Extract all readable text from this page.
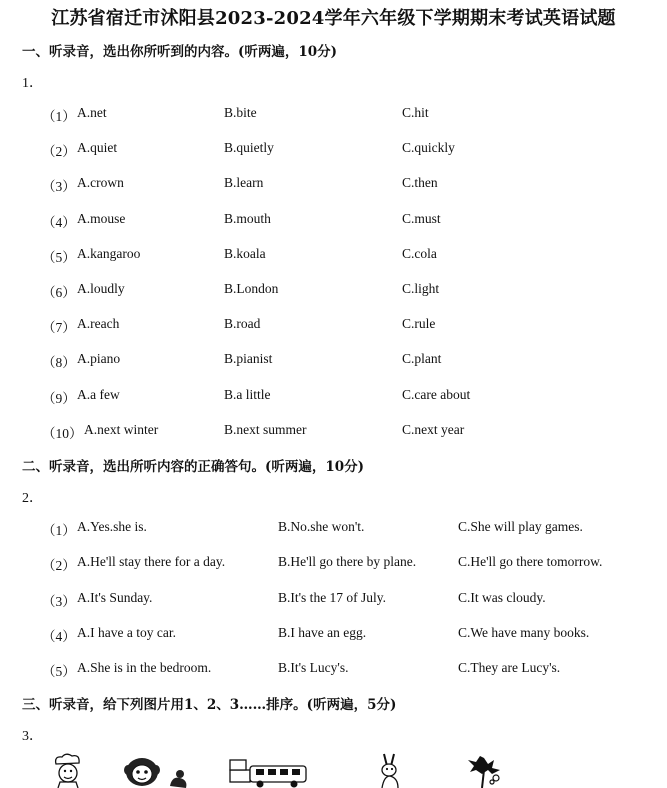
江苏省宿迁市沭阳县2023-2024学年六年级下学期期末考试英语试题
一、听录音，选出你所听到的内容。(听两遍，10分)
1．
（1） A.net	B.bite	C.hit
（2） A.quiet	B.quietly	C.quickly
（3） A.crown	B.learn	C.then
（4） A.mouse	B.mouth	C.must
（5） A.kangaroo	B.koala	C.cola
（6） A.loudly	B.London	C.light
（7） A.reach	B.road	C.rule
（8） A.piano	B.pianist	C.plant
（9） A.a few	B.a little	C.care about
（10） A.next winter	B.next summer	C.next year
二、听录音，选出所听内容的正确答句。(听两遍，10分)
2．
（1） A.Yes.she is.	B.No.she won't.	C.She will play games.
（2） A.He'll stay there for a day.	B.He'll go there by plane.	C.He'll go there tomorrow.
（3） A.It's Sunday.	B.It's the 17 of July.	C.It was cloudy.
（4） A.I have a toy car.	B.I have an egg.	C.We have many books.
（5） A.She is in the bedroom.	B.It's Lucy's.	C.They are Lucy's.
三、听录音，给下列图片用1、2、3……排序。(听两遍，5分)
3．
